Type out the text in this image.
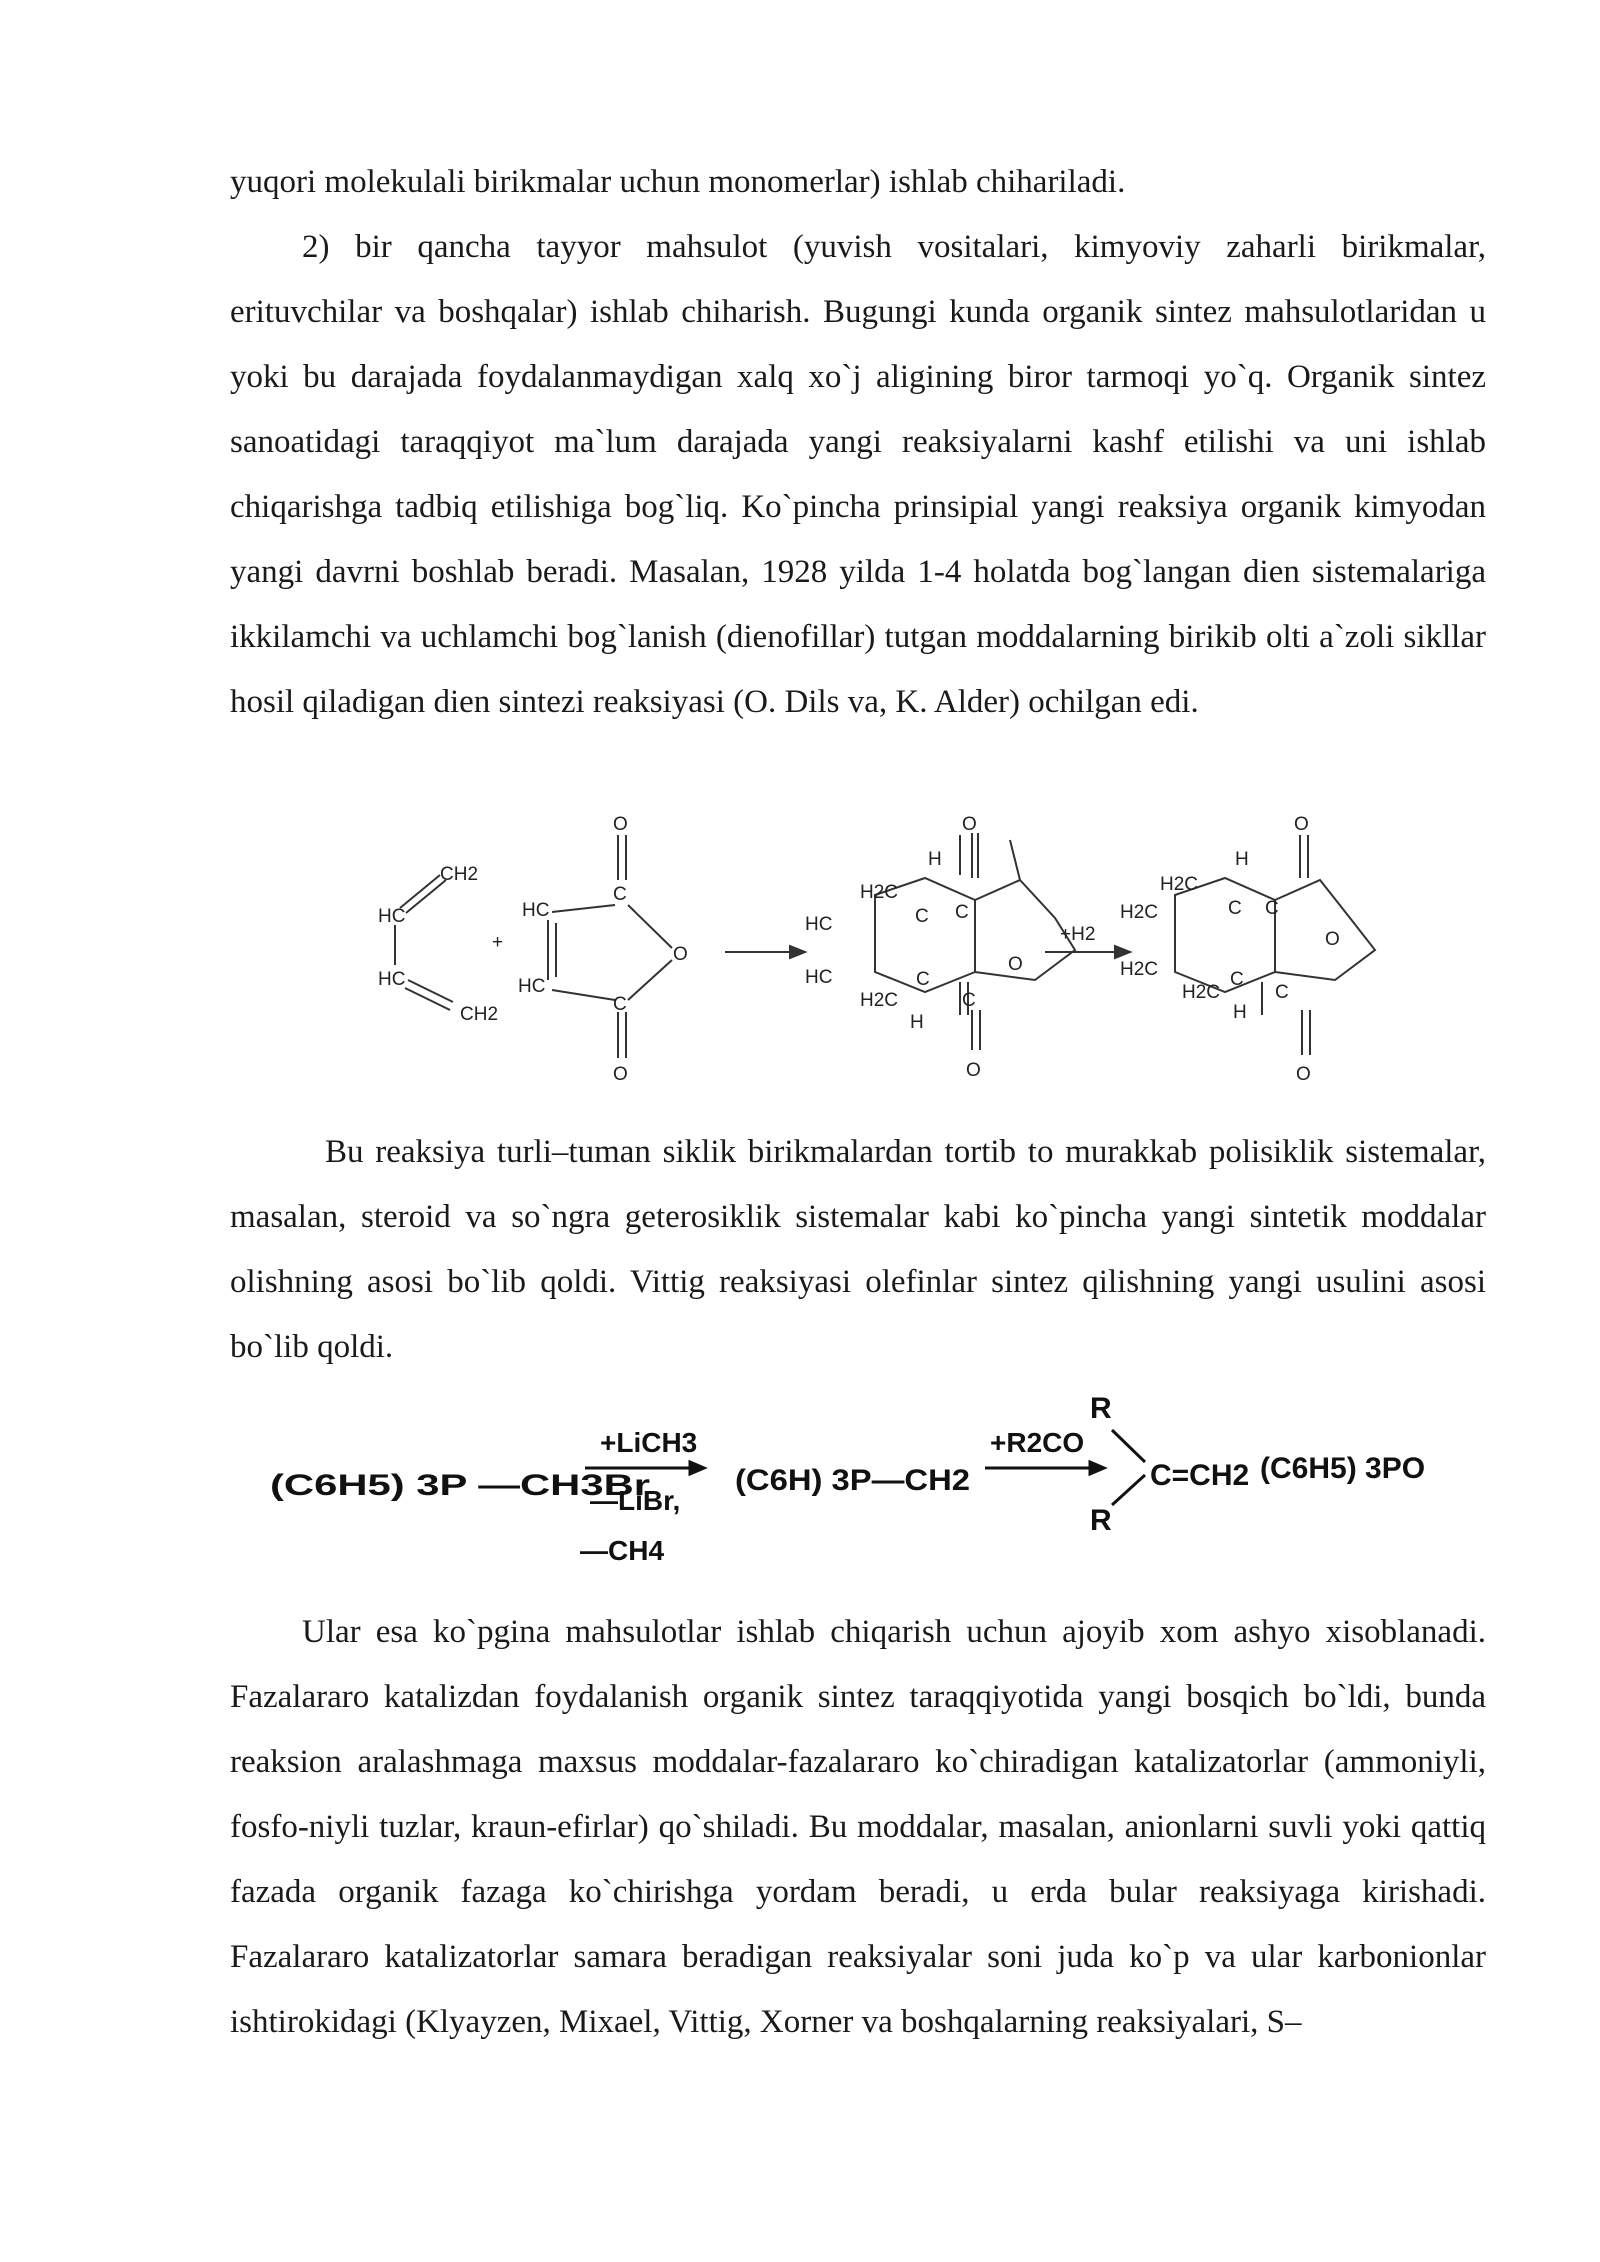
yuqori molekulali birikmalar uchun monomerlar) ishlab chihariladi.

2) bir qancha tayyor mahsulot (yuvish vositalari, kimyoviy zaharli birikmalar, erituvchilar va boshqalar) ishlab chiharish. Bugungi kunda organik sintez mahsulotlaridan u yoki bu darajada foydalanmaydigan xalq xo`j aligining biror tarmoqi yo`q. Organik sintez sanoatidagi taraqqiyot ma`lum darajada yangi reaksiyalarni kashf etilishi va uni ishlab chiqarishga tadbiq etilishiga bog`liq. Ko`pincha prinsipial yangi reaksiya organik kimyodan yangi davrni boshlab beradi. Masalan, 1928 yilda 1-4 holatda bog`langan dien sistemalariga ikkilamchi va uchlamchi bog`lanish (dienofillar) tutgan moddalarning birikib olti a`zoli sikllar hosil qiladigan dien sintezi reaksiyasi (O. Dils va, K. Alder) ochilgan edi.

CH2
HC
HC
CH2
+
O
C
HC
HC
O
C
O
H
O
H2C
C C
HC
O
HC	C
H2C	C
H
O
+H2
O
H
H2C
C C
H2C
O
H2C	C
H2C	C
H
O

Bu reaksiya turli–tuman siklik birikmalardan tortib to murakkab polisiklik sistemalar, masalan, steroid va so`ngra geterosiklik sistemalar kabi ko`pincha yangi sintetik moddalar olishning asosi bo`lib qoldi. Vittig reaksiyasi olefinlar sintez qilishning yangi usulini asosi bo`lib qoldi.

(C6H5) 3P —CH3Br
+LiCH3
—LiBr,
—CH4
(C6H) 3P—CH2
+R2CO
R
R
C=CH2 (C6H5) 3PO

Ular esa ko`pgina mahsulotlar ishlab chiqarish uchun ajoyib xom ashyo xisoblanadi. Fazalararo katalizdan foydalanish organik sintez taraqqiyotida yangi bosqich bo`ldi, bunda reaksion aralashmaga maxsus moddalar-fazalararo ko`chiradigan katalizatorlar (ammoniyli, fosfo-niyli tuzlar, kraun-efirlar) qo`shiladi. Bu moddalar, masalan, anionlarni suvli yoki qattiq fazada organik fazaga ko`chirishga yordam beradi, u erda bular reaksiyaga kirishadi. Fazalararo katalizatorlar samara beradigan reaksiyalar soni juda ko`p va ular karbonionlar ishtirokidagi (Klyayzen, Mixael, Vittig, Xorner va boshqalarning reaksiyalari, S–
